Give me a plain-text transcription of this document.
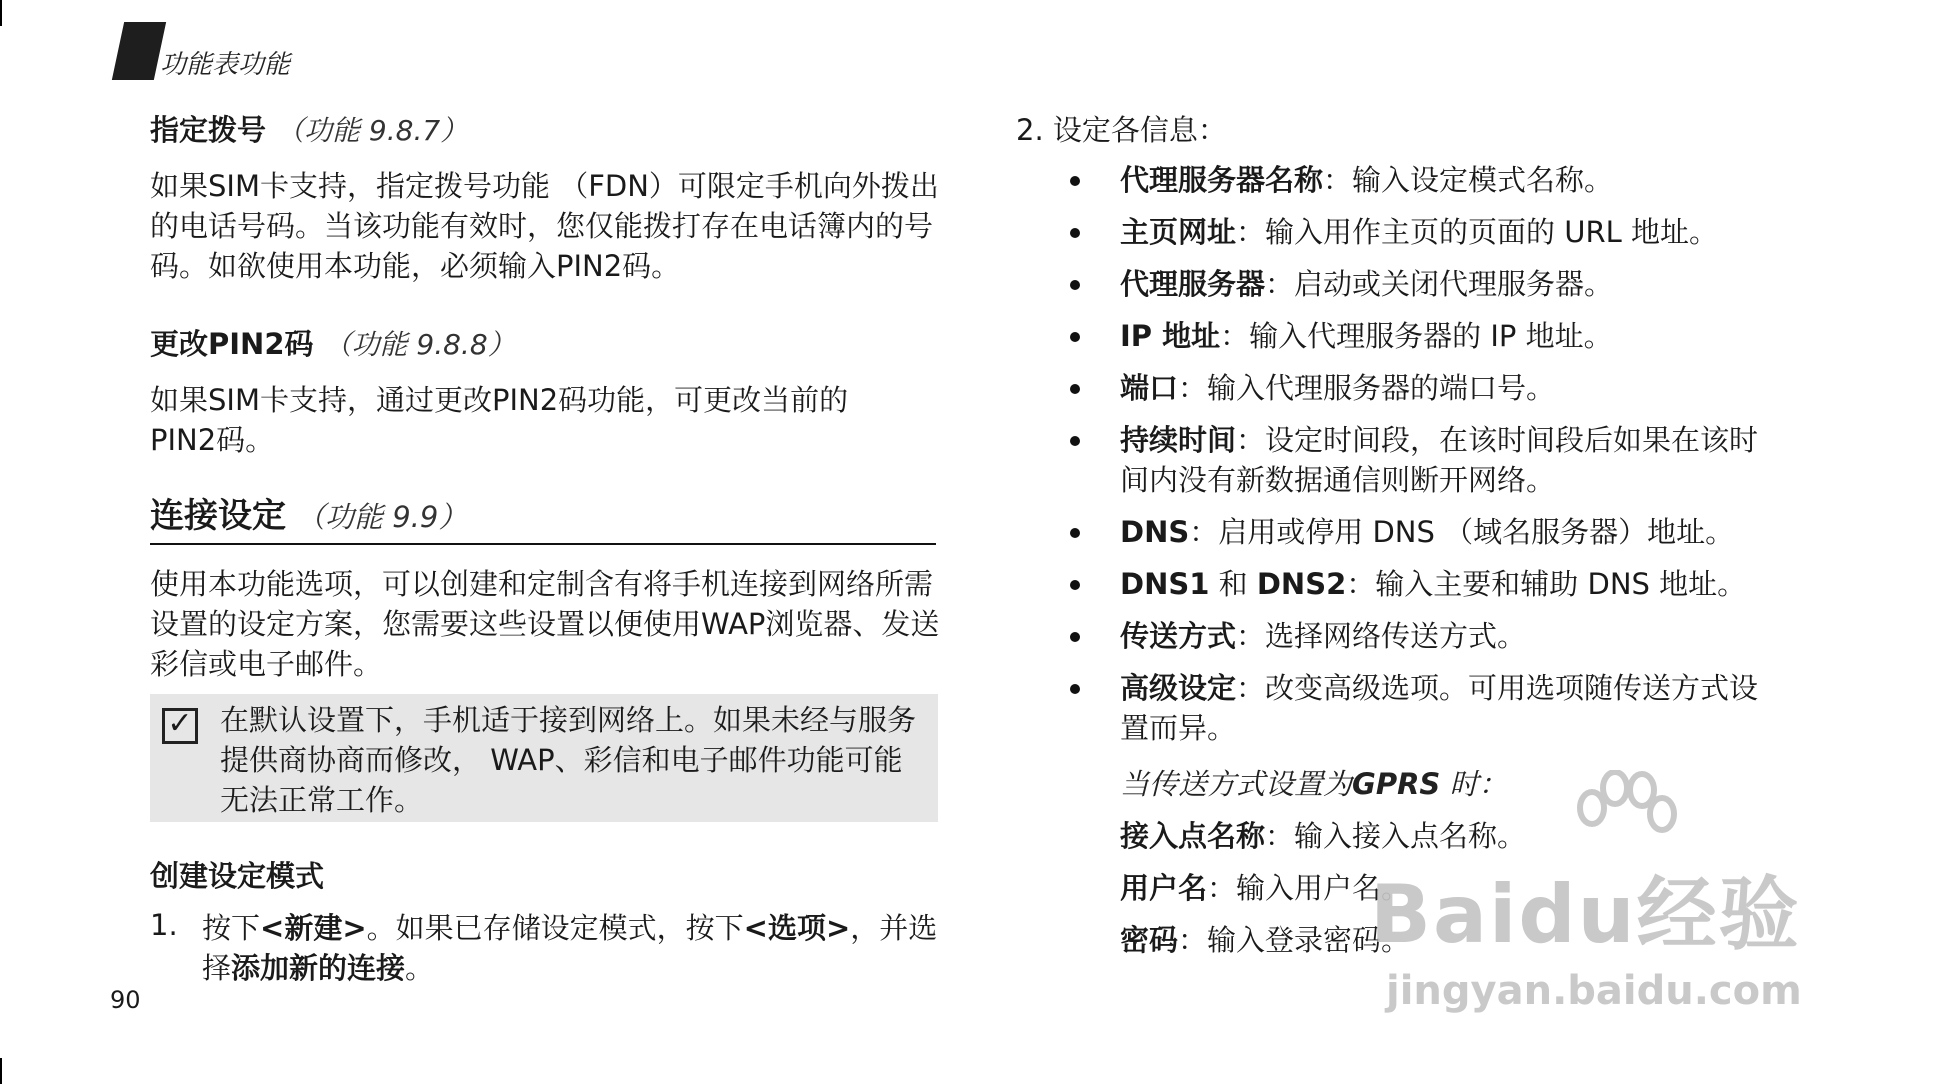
功能表功能
指定拨号 （功能 9.8.7）

如果SIM卡支持，指定拨号功能 （FDN）可限定手机向外拨出的电话号码。当该功能有效时，您仅能拨打存在电话簿内的号码。如欲使用本功能，必须输入PIN2码。

更改PIN2码 （功能 9.8.8）

如果SIM卡支持，通过更改PIN2码功能，可更改当前的PIN2码。

连接设定 （功能 9.9）

使用本功能选项，可以创建和定制含有将手机连接到网络所需设置的设定方案，您需要这些设置以便使用WAP浏览器、发送彩信或电子邮件。

✓ 在默认设置下，手机适于接到网络上。如果未经与服务提供商协商而修改， WAP、彩信和电子邮件功能可能无法正常工作。

创建设定模式
1. 按下<新建>。如果已存储设定模式，按下<选项>，并选择添加新的连接。

90
2. 设定各信息：
代理服务器名称：输入设定模式名称。
主页网址：输入用作主页的页面的 URL 地址。
代理服务器：启动或关闭代理服务器。
IP 地址：输入代理服务器的 IP 地址。
端口：输入代理服务器的端口号。
持续时间：设定时间段，在该时间段后如果在该时间内没有新数据通信则断开网络。
DNS：启用或停用 DNS （域名服务器）地址。
DNS1 和 DNS2：输入主要和辅助 DNS 地址。
传送方式：选择网络传送方式。
高级设定：改变高级选项。可用选项随传送方式设置而异。
当传送方式设置为GPRS 时：
接入点名称：输入接入点名称。
用户名：输入用户名。
密码：输入登录密码。
Baidu经验
jingyan.baidu.com
